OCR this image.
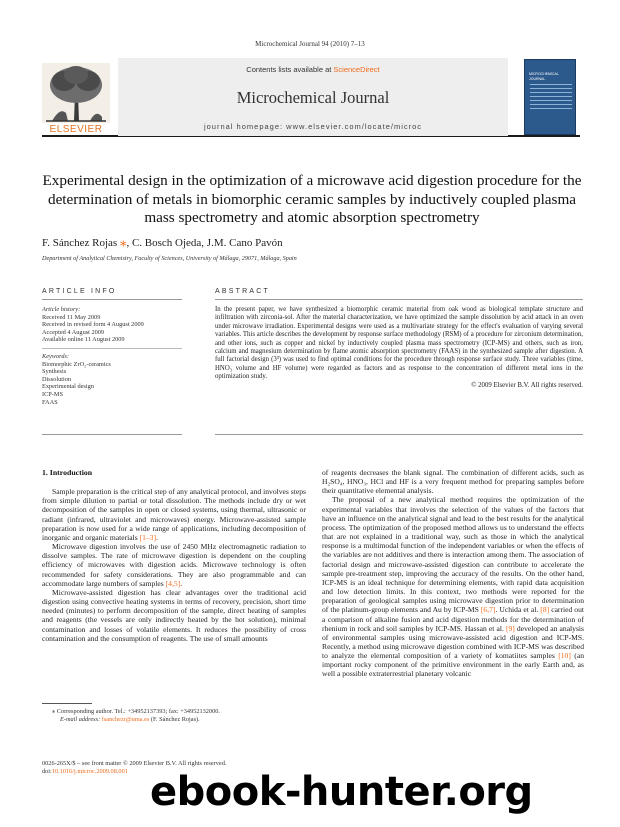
Microchemical Journal 94 (2010) 7–13
ELSEVIER
Contents lists available at ScienceDirect
Microchemical Journal
journal homepage: www.elsevier.com/locate/microc
MICROCHEMICAL JOURNAL
Experimental design in the optimization of a microwave acid digestion procedure for the determination of metals in biomorphic ceramic samples by inductively coupled plasma mass spectrometry and atomic absorption spectrometry
F. Sánchez Rojas ⁎, C. Bosch Ojeda, J.M. Cano Pavón
Department of Analytical Chemistry, Faculty of Sciences, University of Málaga, 29071, Málaga, Spain
ARTICLE INFO
Article history:
Received 11 May 2009
Received in revised form 4 August 2009
Accepted 4 August 2009
Available online 11 August 2009
Keywords:
Biomorphic ZrO₂-ceramics
Synthesis
Dissolution
Experimental design
ICP-MS
FAAS
ABSTRACT
In the present paper, we have synthesized a biomorphic ceramic material from oak wood as biological template structure and infiltration with zirconia-sol. After the material characterization, we have optimized the sample dissolution by acid attack in an oven under microwave irradiation. Experimental designs were used as a multivariate strategy for the effect's evaluation of varying several variables. This article describes the development by response surface methodology (RSM) of a procedure for zirconium determination, and other ions, such as copper and nickel by inductively coupled plasma mass spectrometry (ICP-MS) and others, such as iron, calcium and magnesium determination by flame atomic absorption spectrometry (FAAS) in the synthesized sample after digestion. A full factorial design (3³) was used to find optimal conditions for the procedure through response surface study. Three variables (time, HNO₃ volume and HF volume) were regarded as factors and as response to the concentration of different metal ions in the optimization study.
© 2009 Elsevier B.V. All rights reserved.
1. Introduction

Sample preparation is the critical step of any analytical protocol, and involves steps from simple dilution to partial or total dissolution. The methods include dry or wet decomposition of the samples in open or closed systems, using thermal, ultrasonic or radiant (infrared, ultraviolet and microwaves) energy. Microwave-assisted sample preparation is now used for a wide range of applications, including decomposition of inorganic and organic materials [1–3].

Microwave digestion involves the use of 2450 MHz electromagnetic radiation to dissolve samples. The rate of microwave digestion is dependent on the coupling efficiency of microwaves with digestion acids. Microwave technology is often recommended for safety considerations. They are also programmable and can accommodate large numbers of samples [4,5].

Microwave-assisted digestion has clear advantages over the traditional acid digestion using convective heating systems in terms of recovery, precision, short time needed (minutes) to perform decomposition of the sample, direct heating of samples and reagents (the vessels are only indirectly heated by the hot solution), minimal contamination and losses of volatile elements. It reduces the possibility of cross contamination and the consumption of reagents. The use of small amounts

of reagents decreases the blank signal. The combination of different acids, such as H₂SO₄, HNO₃, HCl and HF is a very frequent method for preparing samples before their quantitative elemental analysis.

The proposal of a new analytical method requires the optimization of the experimental variables that involves the selection of the values of the factors that have an influence on the analytical signal and lead to the best results for the analytical process. The optimization of the proposed method allows us to understand the effects that are not explained in a traditional way, such as those in which the analytical response is a multimodal function of the independent variables or when the effects of the variables are not additives and there is interaction among them. The association of factorial design and microwave-assisted digestion can contribute to accelerate the sample pre-treatment step, improving the accuracy of the results. On the other hand, ICP-MS is an ideal technique for determining elements, with rapid data acquisition and low detection limits. In this context, two methods were reported for the preparation of geological samples using microwave digestion prior to determination of the platinum-group elements and Au by ICP-MS [6,7]. Uchida et al. [8] carried out a comparison of alkaline fusion and acid digestion methods for the determination of rhenium in rock and soil samples by ICP-MS. Hassan et al. [9] developed an analysis of environmental samples using microwave-assisted acid digestion and ICP-MS. Recently, a method using microwave digestion combined with ICP-MS was described to analyze the elemental composition of a variety of komatiites samples [10] (an important rocky component of the primitive environment in the early Earth and, as well a possible extraterrestrial planetary volcanic

⁎ Corresponding author. Tel.: +34952137393; fax: +34952132000.
E-mail address: fsanchezr@uma.es (F. Sánchez Rojas).
0026-265X/$ – see front matter © 2009 Elsevier B.V. All rights reserved.
doi:10.1016/j.microc.2009.08.001 ebook-hunter.org
